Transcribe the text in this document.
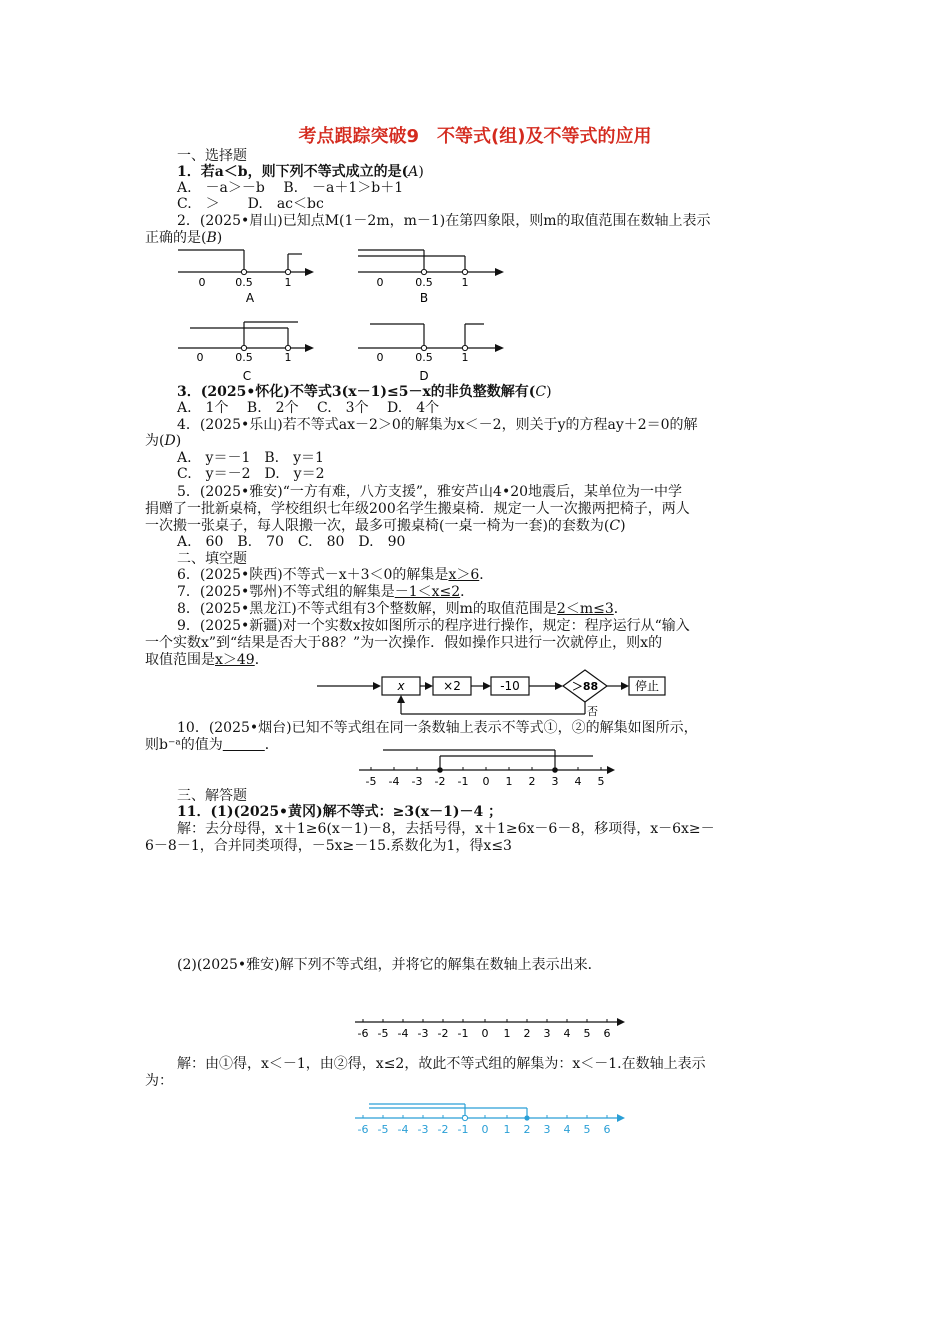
考点跟踪突破9　不等式(组)及不等式的应用
一、选择题
1．若a＜b，则下列不等式成立的是(A)
A.　－a＞－b　 B.　－a＋1＞b＋1
C.　＞　　D.　ac＜bc
2．(2025•眉山)已知点M(1－2m，m－1)在第四象限，则m的取值范围在数轴上表示
正确的是(B)
0	0.5	1
A
0	0.5	1
B
0	0.5	1
C
0	0.5	1
D
3．(2025•怀化)不等式3(x－1)≤5－x的非负整数解有(C)
A.　1个　 B.　2个　 C.　3个　 D.　4个
4．(2025•乐山)若不等式ax－2＞0的解集为x＜－2，则关于y的方程ay＋2＝0的解
为(D)
A.　y＝－1　B.　y＝1
C.　y＝－2　D.　y＝2
5．(2025•雅安)“一方有难，八方支援”，雅安芦山4•20地震后，某单位为一中学
捐赠了一批新桌椅，学校组织七年级200名学生搬桌椅．规定一人一次搬两把椅子，两人
一次搬一张桌子，每人限搬一次，最多可搬桌椅(一桌一椅为一套)的套数为(C)
A.　60　B.　70　C.　80　D.　90
二、填空题
6．(2025•陕西)不等式－x＋3＜0的解集是x＞6．
7．(2025•鄂州)不等式组的解集是－1＜x≤2．
8．(2025•黑龙江)不等式组有3个整数解，则m的取值范围是2＜m≤3．
9．(2025•新疆)对一个实数x按如图所示的程序进行操作，规定：程序运行从“输入
一个实数x”到“结果是否大于88？”为一次操作．假如操作只进行一次就停止，则x的
取值范围是x＞49．
x	×2	-10	＞88	停止
否
10．(2025•烟台)已知不等式组在同一条数轴上表示不等式①，②的解集如图所示，
则b⁻ᵃ的值为　　　	．
-5 -4 -3 -2 -1 0 1 2 3 4 5
三、解答题
11．(1)(2025•黄冈)解不等式：≥3(x－1)－4 ；
解：去分母得，x＋1≥6(x－1)－8，去括号得，x＋1≥6x－6－8，移项得，x－6x≥－
6－8－1，合并同类项得，－5x≥－15.系数化为1，得x≤3
(2)(2025•雅安)解下列不等式组，并将它的解集在数轴上表示出来．
-6 -5 -4 -3 -2 -1 0 1 2 3 4 5 6
解：由①得，x＜－1，由②得，x≤2，故此不等式组的解集为：x＜－1.在数轴上表示
为：
-6 -5 -4 -3 -2 -1 0 1 2 3 4 5 6
